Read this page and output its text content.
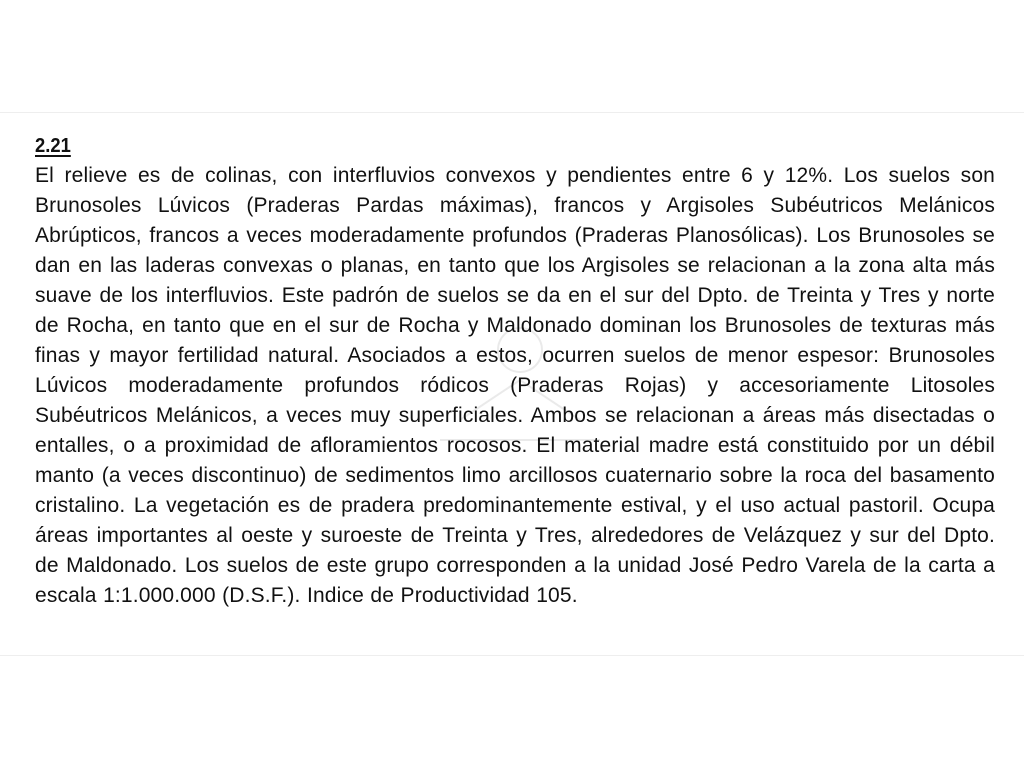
2.21

El relieve es de colinas, con interfluvios convexos y pendientes entre 6 y 12%. Los suelos son Brunosoles Lúvicos (Praderas Pardas máximas), francos y Argisoles Subéutricos Melánicos Abrúpticos, francos a veces moderadamente profundos (Praderas Planosólicas). Los Brunosoles se dan en las laderas convexas o planas, en tanto que los Argisoles se relacionan a la zona alta más suave de los interfluvios. Este padrón de suelos se da en el sur del Dpto. de Treinta y Tres y norte de Rocha, en tanto que en el sur de Rocha y Maldonado dominan los Brunosoles de texturas más finas y mayor fertilidad natural. Asociados a estos, ocurren suelos de menor espesor: Brunosoles Lúvicos moderadamente profundos ródicos (Praderas Rojas) y accesoriamente Litosoles Subéutricos Melánicos, a veces muy superficiales. Ambos se relacionan a áreas más disectadas o entalles, o a proximidad de afloramientos rocosos. El material madre está constituido por un débil manto (a veces discontinuo) de sedimentos limo arcillosos cuaternario sobre la roca del basamento cristalino. La vegetación es de pradera predominantemente estival, y el uso actual pastoril. Ocupa áreas importantes al oeste y suroeste de Treinta y Tres, alrededores de Velázquez y sur del Dpto. de Maldonado. Los suelos de este grupo corresponden a la unidad José Pedro Varela de la carta a escala 1:1.000.000 (D.S.F.). Indice de Productividad 105.
